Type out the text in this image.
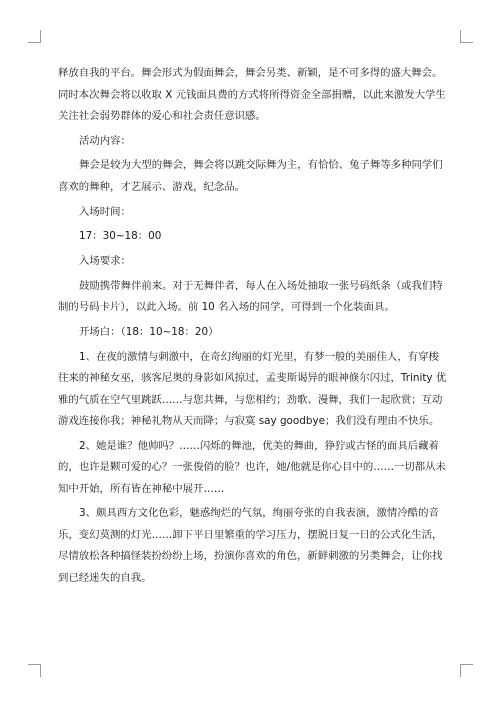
释放自我的平台。舞会形式为假面舞会，舞会另类、新颖，是不可多得的盛大舞会。
同时本次舞会将以收取 X 元钱面具费的方式将所得资金全部捐赠，以此来激发大学生
关注社会弱势群体的爱心和社会责任意识感。
活动内容：
舞会是较为大型的舞会，舞会将以跳交际舞为主，有恰恰、兔子舞等多种同学们
喜欢的舞种，才艺展示、游戏，纪念品。
入场时间：
17：30~18：00
入场要求：
鼓励携带舞伴前来。对于无舞伴者，每人在入场处抽取一张号码纸条（或我们特
制的号码卡片），以此入场。前 10 名入场的同学，可得到一个化装面具。
开场白：（18：10~18：20）
1、在夜的激情与刺激中，在奇幻绚丽的灯光里，有梦一般的美丽佳人，有穿梭
往来的神秘女巫，骇客尼奥的身影如风掠过，孟斐斯谒异的眼神倏尔闪过，Trinity 优
雅的气质在空气里跳跃……与您共舞，与您相约；劲歌、漫舞，我们一起欣赏；互动
游戏连接你我；神秘礼物从天而降；与寂寞 say goodbye；我们没有理由不快乐。
2、她是谁？他帅吗？……闪烁的舞池，优美的舞曲，狰狞或古怪的面具后藏着
的，也许是颗可爱的心？一张俊俏的脸？也许，她/他就是你心目中的……一切都从未
知中开始，所有皆在神秘中展开……
3、颇具西方文化色彩，魅惑绚烂的气氛，绚丽夸张的自我表演，激情冷酷的音
乐，变幻莫测的灯光……卸下平日里繁重的学习压力，摆脱日复一日的公式化生活，
尽情放松各种搞怪装扮纷纷上场，扮演你喜欢的角色，新鲜刺激的另类舞会，让你找
到已经迷失的自我。
